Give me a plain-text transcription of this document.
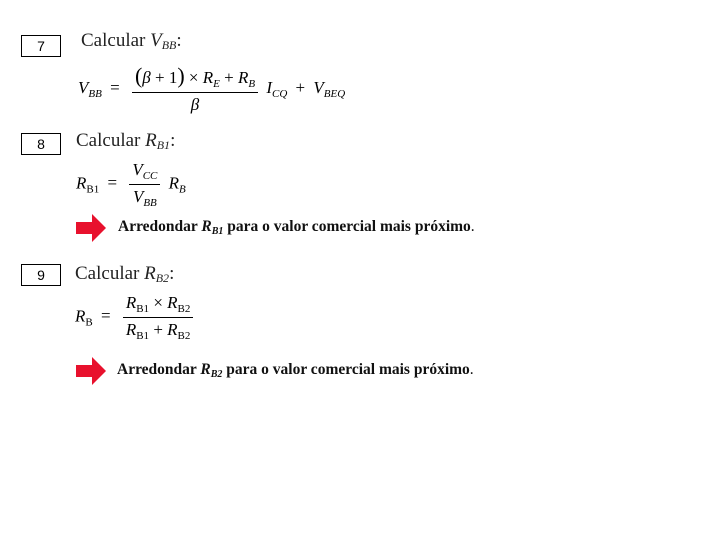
7	Calcular $V_{BB}$:
$V_{BB} = \frac{(\beta + 1) \times R_E + R_B}{\beta} I_{CQ} + V_{BEQ}$
8	Calcular $R_{B1}$:
$R_{B1} = \frac{V_{CC}}{V_{BB}} R_B$
Arredondar $R_{B1}$ para o valor comercial mais próximo.
9	Calcular $R_{B2}$:
$R_B = \frac{R_{B1} \times R_{B2}}{R_{B1} + R_{B2}}$
Arredondar $R_{B2}$ para o valor comercial mais próximo.
